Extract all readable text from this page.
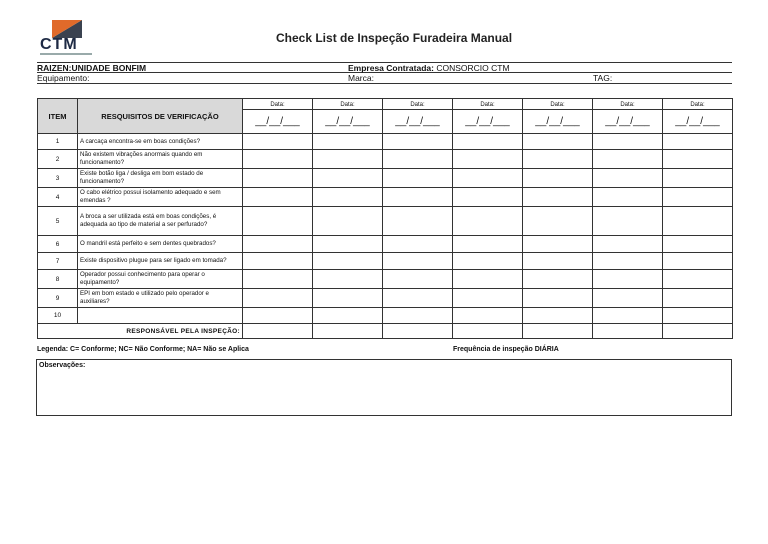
CTM	Check List de Inspeção Furadeira Manual
RAIZEN:UNIDADE BONFIM	Empresa Contratada: CONSORCIO CTM
Equipamento:	Marca:	TAG:
ITEM	RESQUISITOS DE VERIFICAÇÃO	Data:	Data:	Data:	Data:	Data:	Data:	Data:
		__/__/___	__/__/___	__/__/___	__/__/___	__/__/___	__/__/___	__/__/___
1	A carcaça encontra-se em boas condições?							
2	Não existem vibrações anormais quando em funcionamento?							
3	Existe botão liga / desliga em bom estado de funcionamento?							
4	O cabo elétrico possui isolamento adequado e sem emendas ?							
5	A broca a ser utilizada está em boas condições, é adequada ao tipo de material a ser perfurado?							
6	O mandril está perfeito e sem dentes quebrados?							
7	Existe dispositivo plugue para ser ligado em tomada?							
8	Operador possui conhecimento para operar o equipamento?							
9	EPI em bom estado e utilizado pelo operador e auxiliares?							
10								
RESPONSÁVEL PELA INSPEÇÃO:								
Legenda: C= Conforme; NC= Não Conforme; NA= Não se Aplica	Frequência de inspeção DIÁRIA
Observações:
